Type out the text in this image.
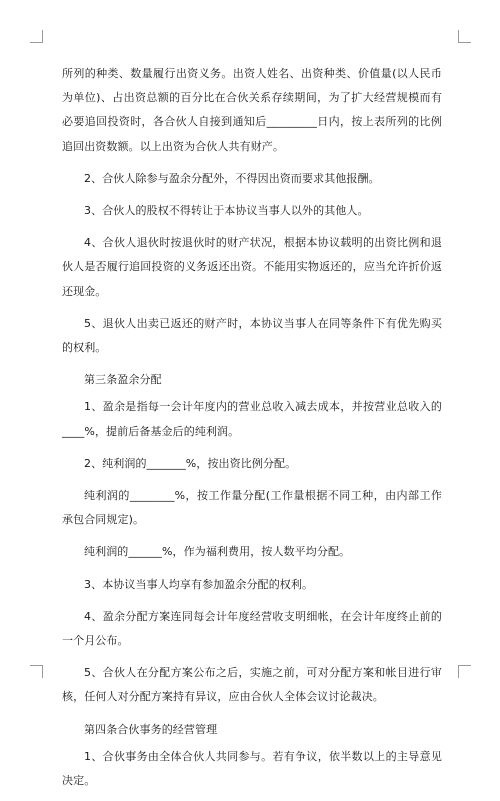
所列的种类、数量履行出资义务。出资人姓名、出资种类、价值量(以人民币为单位)、占出资总额的百分比在合伙关系存续期间，为了扩大经营规模而有必要追回投资时，各合伙人自接到通知后_________日内，按上表所列的比例追回出资数额。以上出资为合伙人共有财产。

2、合伙人除参与盈余分配外，不得因出资而要求其他报酬。

3、合伙人的股权不得转让于本协议当事人以外的其他人。

4、合伙人退伙时按退伙时的财产状况，根据本协议载明的出资比例和退伙人是否履行追回投资的义务返还出资。不能用实物返还的，应当允许折价返还现金。

5、退伙人出卖已返还的财产时，本协议当事人在同等条件下有优先购买的权利。

第三条盈余分配

1、盈余是指每一会计年度内的营业总收入减去成本，并按营业总收入的____%，提前后备基金后的纯利润。

2、纯利润的_______%，按出资比例分配。

纯利润的________%，按工作量分配(工作量根据不同工种，由内部工作承包合同规定)。

纯利润的______%，作为福利费用，按人数平均分配。

3、本协议当事人均享有参加盈余分配的权利。

4、盈余分配方案连同每会计年度经营收支明细帐，在会计年度终止前的一个月公布。

5、合伙人在分配方案公布之后，实施之前，可对分配方案和帐目进行审核，任何人对分配方案持有异议，应由合伙人全体会议讨论裁决。

第四条合伙事务的经营管理

1、合伙事务由全体合伙人共同参与。若有争议，依半数以上的主导意见决定。
